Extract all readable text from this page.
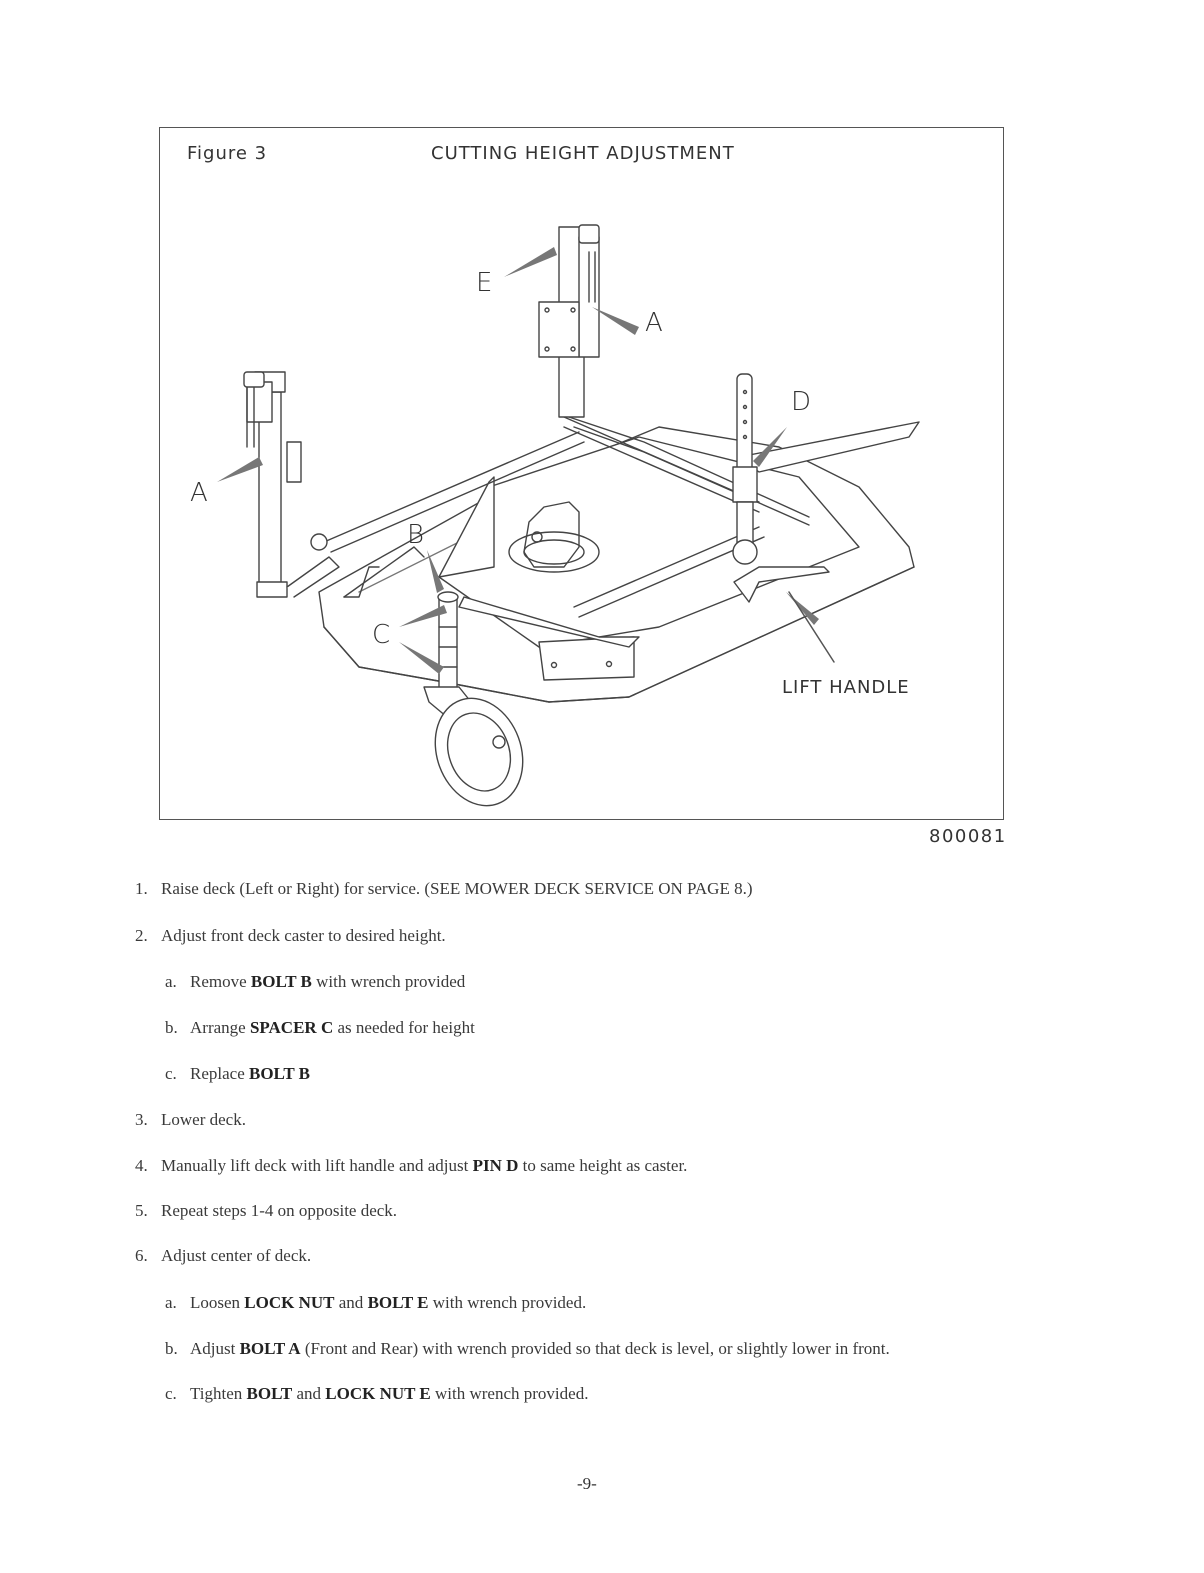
Figure 3	CUTTING HEIGHT ADJUSTMENT
E
A
A
B
C
D
LIFT HANDLE
800081
1. Raise deck (Left or Right) for service. (SEE MOWER DECK SERVICE ON PAGE 8.)
2. Adjust front deck caster to desired height.
a. Remove BOLT B with wrench provided
b. Arrange SPACER C as needed for height
c. Replace BOLT B
3. Lower deck.
4. Manually lift deck with lift handle and adjust PIN D to same height as caster.
5. Repeat steps 1-4 on opposite deck.
6. Adjust center of deck.
a. Loosen LOCK NUT and BOLT E with wrench provided.
b. Adjust BOLT A (Front and Rear) with wrench provided so that deck is level, or slightly lower in front.
c. Tighten BOLT and LOCK NUT E with wrench provided.
-9-
